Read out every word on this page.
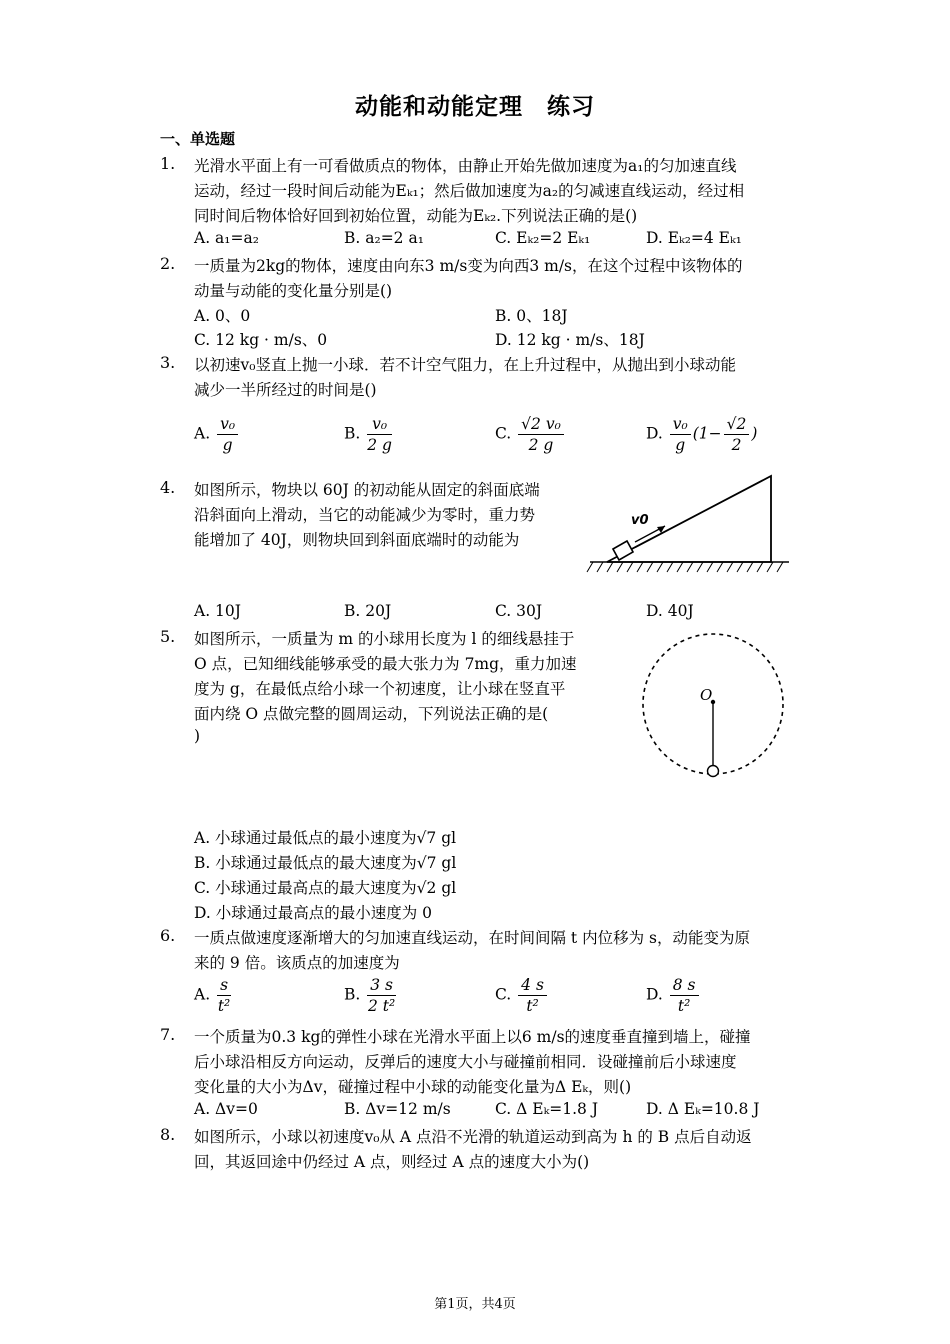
动能和动能定理　练习
一、单选题
1. 光滑水平面上有一可看做质点的物体，由静止开始先做加速度为a₁的匀加速直线
运动，经过一段时间后动能为Eₖ₁；然后做加速度为a₂的匀减速直线运动，经过相
同时间后物体恰好回到初始位置，动能为Eₖ₂.下列说法正确的是()
A. a₁=a₂	B. a₂=2 a₁	C. Eₖ₂=2 Eₖ₁	D. Eₖ₂=4 Eₖ₁
2. 一质量为2kg的物体，速度由向东3 m/s变为向西3 m/s，在这个过程中该物体的
动量与动能的变化量分别是()
A. 0、0	B. 0、18J
C. 12 kg · m/s、0	D. 12 kg · m/s、18J
3. 以初速v₀竖直上抛一小球．若不计空气阻力，在上升过程中，从抛出到小球动能
减少一半所经过的时间是()
A. $\frac{\text{v₀}}{g}$	B. $\frac{\text{v₀}}{2 g}$	C. $\frac{\text{√2 v₀}}{2 g}$	D. $\frac{\text{v₀}}{g} (1- \frac{√2}{2}$ )
4. 如图所示，物块以 60J 的初动能从固定的斜面底端
沿斜面向上滑动，当它的动能减少为零时，重力势
能增加了 40J，则物块回到斜面底端时的动能为
v0
A. 10J	B. 20J	C. 30J	D. 40J
5. 如图所示，一质量为 m 的小球用长度为 l 的细线悬挂于
O 点，已知细线能够承受的最大张力为 7mg，重力加速
度为 g，在最低点给小球一个初速度，让小球在竖直平
面内绕 O 点做完整的圆周运动，下列说法正确的是(
)
O
A. 小球通过最低点的最小速度为√7 gl
B. 小球通过最低点的最大速度为√7 gl
C. 小球通过最高点的最大速度为√2 gl
D. 小球通过最高点的最小速度为 0
6. 一质点做速度逐渐增大的匀加速直线运动，在时间间隔 t 内位移为 s，动能变为原
来的 9 倍。该质点的加速度为
A. $\frac{s}{\text{t²}}$	B. $\frac{3 s}{\text{2 t²}}$	C. $\frac{4 s}{\text{t²}}$	D. $\frac{8 s}{\text{t²}}$
7. 一个质量为0.3 kg的弹性小球在光滑水平面上以6 m/s的速度垂直撞到墙上，碰撞
后小球沿相反方向运动，反弹后的速度大小与碰撞前相同．设碰撞前后小球速度
变化量的大小为Δv，碰撞过程中小球的动能变化量为Δ Eₖ，则()
A. Δv=0	B. Δv=12 m/s	C. Δ Eₖ=1.8 J	D. Δ Eₖ=10.8 J
8. 如图所示，小球以初速度v₀从 A 点沿不光滑的轨道运动到高为 h 的 B 点后自动返
回，其返回途中仍经过 A 点，则经过 A 点的速度大小为()
第1页，共4页
